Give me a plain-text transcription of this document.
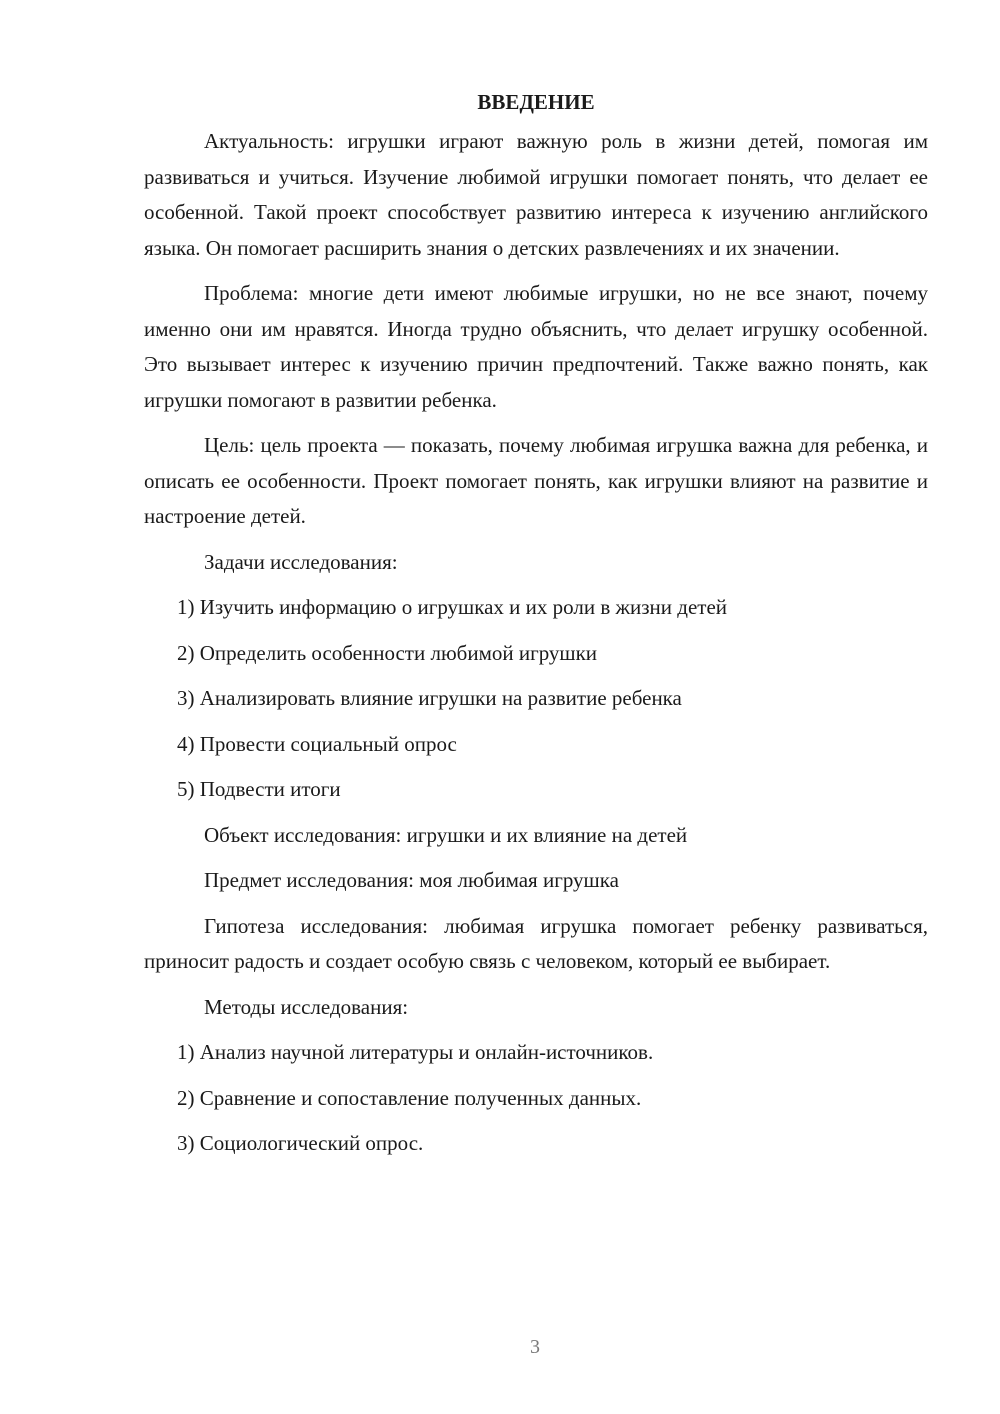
ВВЕДЕНИЕ

Актуальность: игрушки играют важную роль в жизни детей, помогая им развиваться и учиться. Изучение любимой игрушки помогает понять, что делает ее особенной. Такой проект способствует развитию интереса к изучению английского языка. Он помогает расширить знания о детских развлечениях и их значении.

Проблема: многие дети имеют любимые игрушки, но не все знают, почему именно они им нравятся. Иногда трудно объяснить, что делает игрушку особенной. Это вызывает интерес к изучению причин предпочтений. Также важно понять, как игрушки помогают в развитии ребенка.

Цель: цель проекта — показать, почему любимая игрушка важна для ребенка, и описать ее особенности. Проект помогает понять, как игрушки влияют на развитие и настроение детей.

Задачи исследования:
1) Изучить информацию о игрушках и их роли в жизни детей
2) Определить особенности любимой игрушки
3) Анализировать влияние игрушки на развитие ребенка
4) Провести социальный опрос
5) Подвести итоги
Объект исследования: игрушки и их влияние на детей
Предмет исследования: моя любимая игрушка

Гипотеза исследования: любимая игрушка помогает ребенку развиваться, приносит радость и создает особую связь с человеком, который ее выбирает.

Методы исследования:
1) Анализ научной литературы и онлайн-источников.
2) Сравнение и сопоставление полученных данных.
3) Социологический опрос.
3
